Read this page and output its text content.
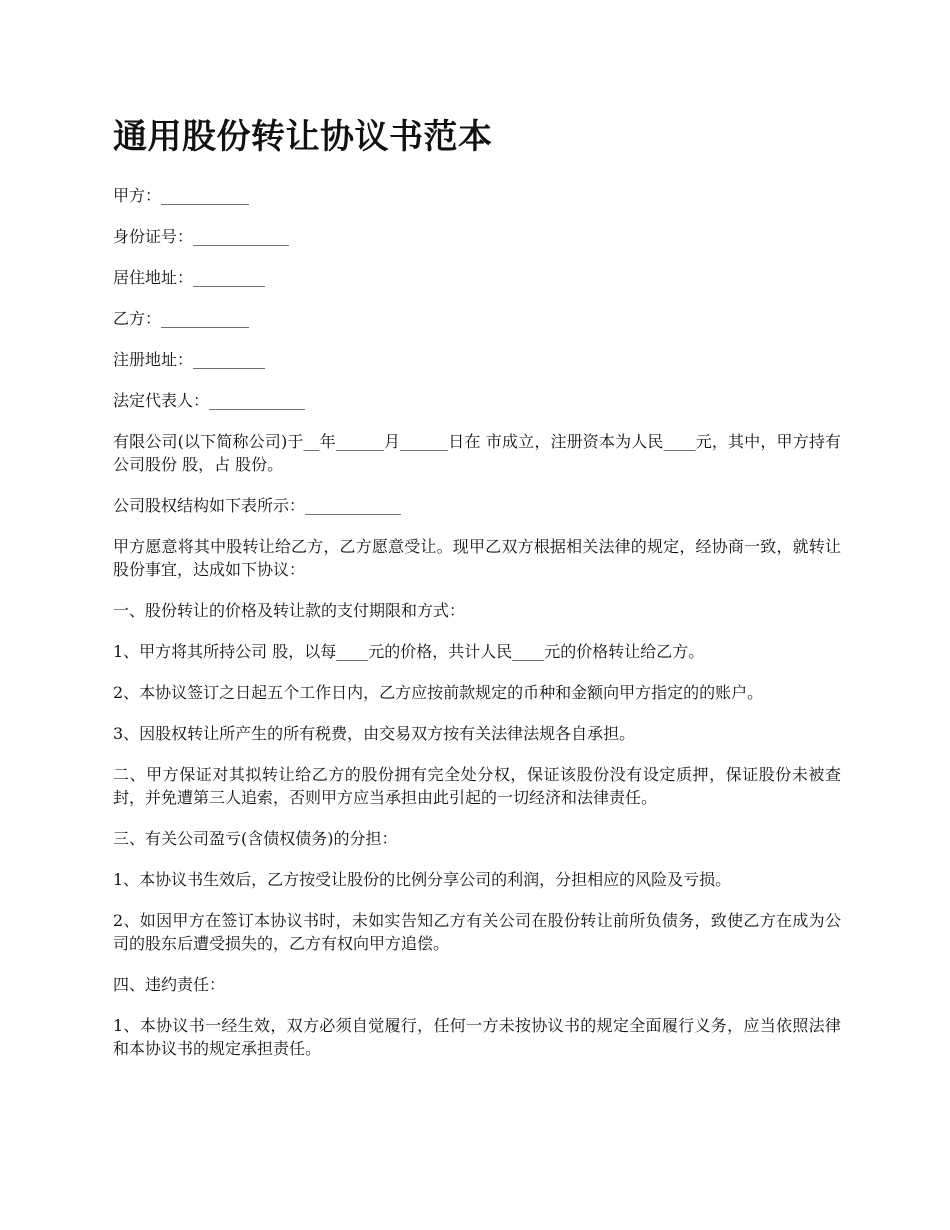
通用股份转让协议书范本

甲方：___________

身份证号：____________

居住地址：_________

乙方：___________

注册地址：_________

法定代表人：____________

有限公司(以下简称公司)于__年______月______日在 市成立，注册资本为人民____元，其中，甲方持有公司股份 股，占 股份。

公司股权结构如下表所示：____________

甲方愿意将其中股转让给乙方，乙方愿意受让。现甲乙双方根据相关法律的规定，经协商一致，就转让股份事宜，达成如下协议：

一、股份转让的价格及转让款的支付期限和方式：

1、甲方将其所持公司 股，以每____元的价格，共计人民____元的价格转让给乙方。

2、本协议签订之日起五个工作日内，乙方应按前款规定的币种和金额向甲方指定的的账户。

3、因股权转让所产生的所有税费，由交易双方按有关法律法规各自承担。

二、甲方保证对其拟转让给乙方的股份拥有完全处分权，保证该股份没有设定质押，保证股份未被查封，并免遭第三人追索，否则甲方应当承担由此引起的一切经济和法律责任。

三、有关公司盈亏(含债权债务)的分担：

1、本协议书生效后，乙方按受让股份的比例分享公司的利润，分担相应的风险及亏损。

2、如因甲方在签订本协议书时，未如实告知乙方有关公司在股份转让前所负债务，致使乙方在成为公司的股东后遭受损失的，乙方有权向甲方追偿。

四、违约责任：

1、本协议书一经生效，双方必须自觉履行，任何一方未按协议书的规定全面履行义务，应当依照法律和本协议书的规定承担责任。
